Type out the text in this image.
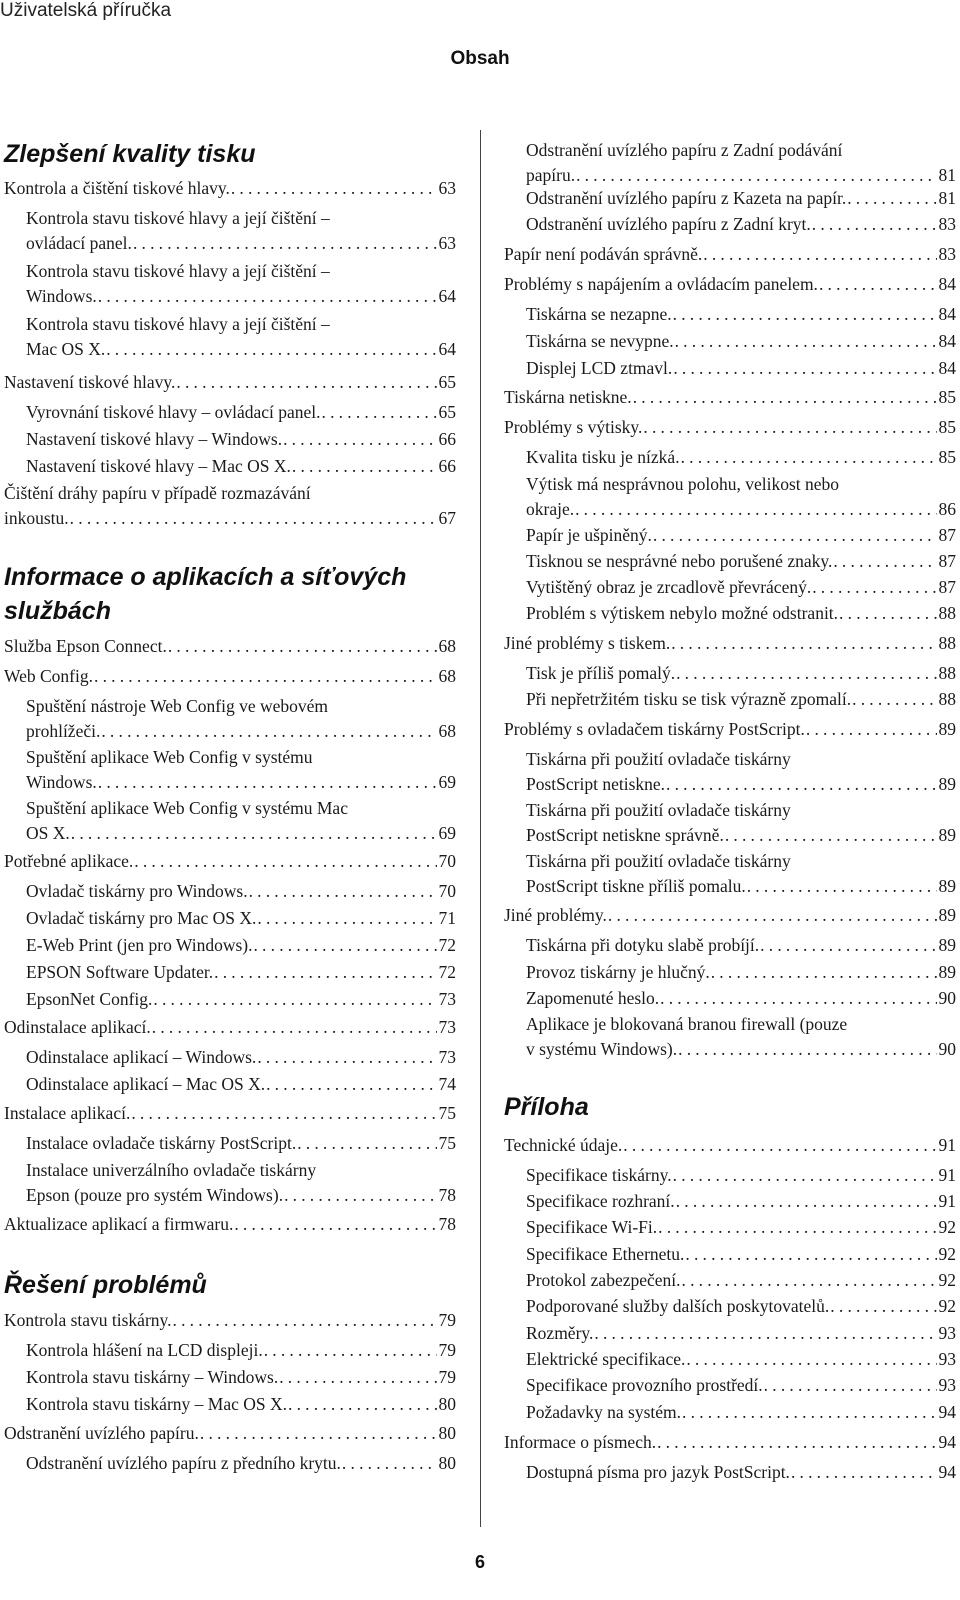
Uživatelská příručka
Obsah
Zlepšení kvality tisku
Kontrola a čištění tiskové hlavy. .....	63
Kontrola stavu tiskové hlavy a její čištění –
ovládací panel. .....	63
Kontrola stavu tiskové hlavy a její čištění –
Windows. .....	64
Kontrola stavu tiskové hlavy a její čištění –
Mac OS X. .....	64
Nastavení tiskové hlavy. .....	65
Vyrovnání tiskové hlavy – ovládací panel. .....	65
Nastavení tiskové hlavy – Windows. .....	66
Nastavení tiskové hlavy – Mac OS X. .....	66
Čištění dráhy papíru v případě rozmazávání
inkoustu. .....	67
Informace o aplikacích a síťových
službách
Služba Epson Connect. .....	68
Web Config. .....	68
Spuštění nástroje Web Config ve webovém
prohlížeči. .....	68
Spuštění aplikace Web Config v systému
Windows. .....	69
Spuštění aplikace Web Config v systému Mac
OS X. .....	69
Potřebné aplikace. .....	70
Ovladač tiskárny pro Windows. .....	70
Ovladač tiskárny pro Mac OS X. .....	71
E-Web Print (jen pro Windows). .....	72
EPSON Software Updater. .....	72
EpsonNet Config. .....	73
Odinstalace aplikací. .....	73
Odinstalace aplikací – Windows. .....	73
Odinstalace aplikací – Mac OS X. .....	74
Instalace aplikací. .....	75
Instalace ovladače tiskárny PostScript. .....	75
Instalace univerzálního ovladače tiskárny
Epson (pouze pro systém Windows). .....	78
Aktualizace aplikací a firmwaru. .....	78
Řešení problémů
Kontrola stavu tiskárny. .....	79
Kontrola hlášení na LCD displeji. .....	79
Kontrola stavu tiskárny – Windows. .....	79
Kontrola stavu tiskárny – Mac OS X. .....	80
Odstranění uvízlého papíru. .....	80
Odstranění uvízlého papíru z předního krytu. .....	80
Odstranění uvízlého papíru z Zadní podávání
papíru. .....	81
Odstranění uvízlého papíru z Kazeta na papír. .....	81
Odstranění uvízlého papíru z Zadní kryt. .....	83
Papír není podáván správně. .....	83
Problémy s napájením a ovládacím panelem. .....	84
Tiskárna se nezapne. .....	84
Tiskárna se nevypne. .....	84
Displej LCD ztmavl. .....	84
Tiskárna netiskne. .....	85
Problémy s výtisky. .....	85
Kvalita tisku je nízká. .....	85
Výtisk má nesprávnou polohu, velikost nebo
okraje. .....	86
Papír je ušpiněný. .....	87
Tisknou se nesprávné nebo porušené znaky. .....	87
Vytištěný obraz je zrcadlově převrácený. .....	87
Problém s výtiskem nebylo možné odstranit. .....	88
Jiné problémy s tiskem. .....	88
Tisk je příliš pomalý. .....	88
Při nepřetržitém tisku se tisk výrazně zpomalí. .....	88
Problémy s ovladačem tiskárny PostScript. .....	89
Tiskárna při použití ovladače tiskárny
PostScript netiskne. .....	89
Tiskárna při použití ovladače tiskárny
PostScript netiskne správně. .....	89
Tiskárna při použití ovladače tiskárny
PostScript tiskne příliš pomalu. .....	89
Jiné problémy. .....	89
Tiskárna při dotyku slabě probíjí. .....	89
Provoz tiskárny je hlučný. .....	89
Zapomenuté heslo. .....	90
Aplikace je blokovaná branou firewall (pouze
v systému Windows). .....	90
Příloha
Technické údaje. .....	91
Specifikace tiskárny. .....	91
Specifikace rozhraní. .....	91
Specifikace Wi-Fi. .....	92
Specifikace Ethernetu. .....	92
Protokol zabezpečení. .....	92
Podporované služby dalších poskytovatelů. .....	92
Rozměry. .....	93
Elektrické specifikace. .....	93
Specifikace provozního prostředí. .....	93
Požadavky na systém. .....	94
Informace o písmech. .....	94
Dostupná písma pro jazyk PostScript. .....	94
6
